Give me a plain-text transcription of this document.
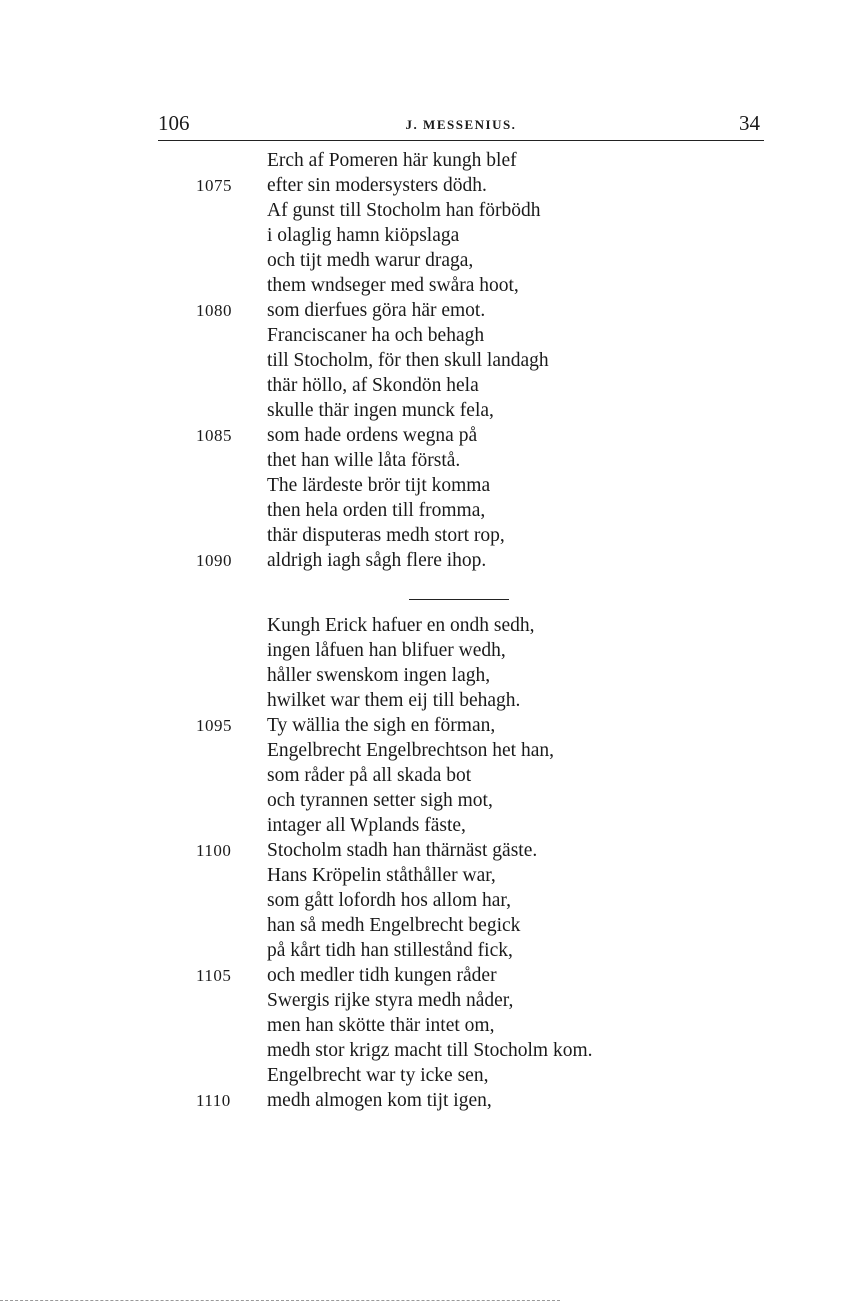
106	J. MESSENIUS.	34
Erch af Pomeren här kungh blef
1075	efter sin modersysters dödh.
Af gunst till Stocholm han förbödh
i olaglig hamn kiöpslaga
och tijt medh warur draga,
them wndseger med swåra hoot,
1080	som dierfues göra här emot.
Franciscaner ha och behagh
till Stocholm, för then skull landagh
thär höllo, af Skondön hela
skulle thär ingen munck fela,
1085	som hade ordens wegna på
thet han wille låta förstå.
The lärdeste brör tijt komma
then hela orden till fromma,
thär disputeras medh stort rop,
1090	aldrigh iagh sågh flere ihop.
Kungh Erick hafuer en ondh sedh,
ingen låfuen han blifuer wedh,
håller swenskom ingen lagh,
hwilket war them eij till behagh.
1095	Ty wällia the sigh en förman,
Engelbrecht Engelbrechtson het han,
som råder på all skada bot
och tyrannen setter sigh mot,
intager all Wplands fäste,
1100	Stocholm stadh han thärnäst gäste.
Hans Kröpelin ståthåller war,
som gått lofordh hos allom har,
han så medh Engelbrecht begick
på kårt tidh han stillestånd fick,
1105	och medler tidh kungen råder
Swergis rijke styra medh nåder,
men han skötte thär intet om,
medh stor krigz macht till Stocholm kom.
Engelbrecht war ty icke sen,
1110	medh almogen kom tijt igen,
